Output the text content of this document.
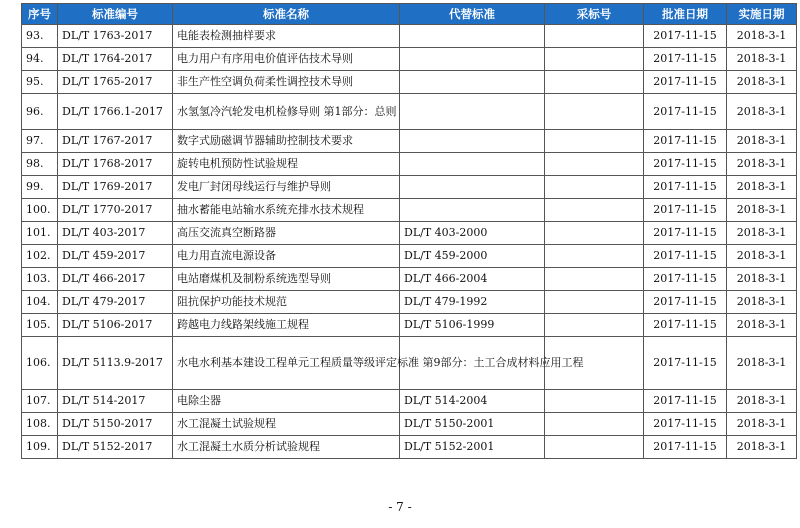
序号	标准编号	标准名称	代替标准	采标号	批准日期	实施日期
93.	DL/T 1763-2017	电能表检测抽样要求			2017-11-15	2018-3-1
94.	DL/T 1764-2017	电力用户有序用电价值评估技术导则			2017-11-15	2018-3-1
95.	DL/T 1765-2017	非生产性空调负荷柔性调控技术导则			2017-11-15	2018-3-1
96.	DL/T 1766.1-2017	水氢氢冷汽轮发电机检修导则 第1部分：总则			2017-11-15	2018-3-1
97.	DL/T 1767-2017	数字式励磁调节器辅助控制技术要求			2017-11-15	2018-3-1
98.	DL/T 1768-2017	旋转电机预防性试验规程			2017-11-15	2018-3-1
99.	DL/T 1769-2017	发电厂封闭母线运行与维护导则			2017-11-15	2018-3-1
100.	DL/T 1770-2017	抽水蓄能电站输水系统充排水技术规程			2017-11-15	2018-3-1
101.	DL/T 403-2017	高压交流真空断路器	DL/T 403-2000		2017-11-15	2018-3-1
102.	DL/T 459-2017	电力用直流电源设备	DL/T 459-2000		2017-11-15	2018-3-1
103.	DL/T 466-2017	电站磨煤机及制粉系统选型导则	DL/T 466-2004		2017-11-15	2018-3-1
104.	DL/T 479-2017	阻抗保护功能技术规范	DL/T 479-1992		2017-11-15	2018-3-1
105.	DL/T 5106-2017	跨越电力线路架线施工规程	DL/T 5106-1999		2017-11-15	2018-3-1
106.	DL/T 5113.9-2017	水电水利基本建设工程单元工程质量等级评定标准 第9部分：土工合成材料应用工程			2017-11-15	2018-3-1
107.	DL/T 514-2017	电除尘器	DL/T 514-2004		2017-11-15	2018-3-1
108.	DL/T 5150-2017	水工混凝土试验规程	DL/T 5150-2001		2017-11-15	2018-3-1
109.	DL/T 5152-2017	水工混凝土水质分析试验规程	DL/T 5152-2001		2017-11-15	2018-3-1
- 7 -
